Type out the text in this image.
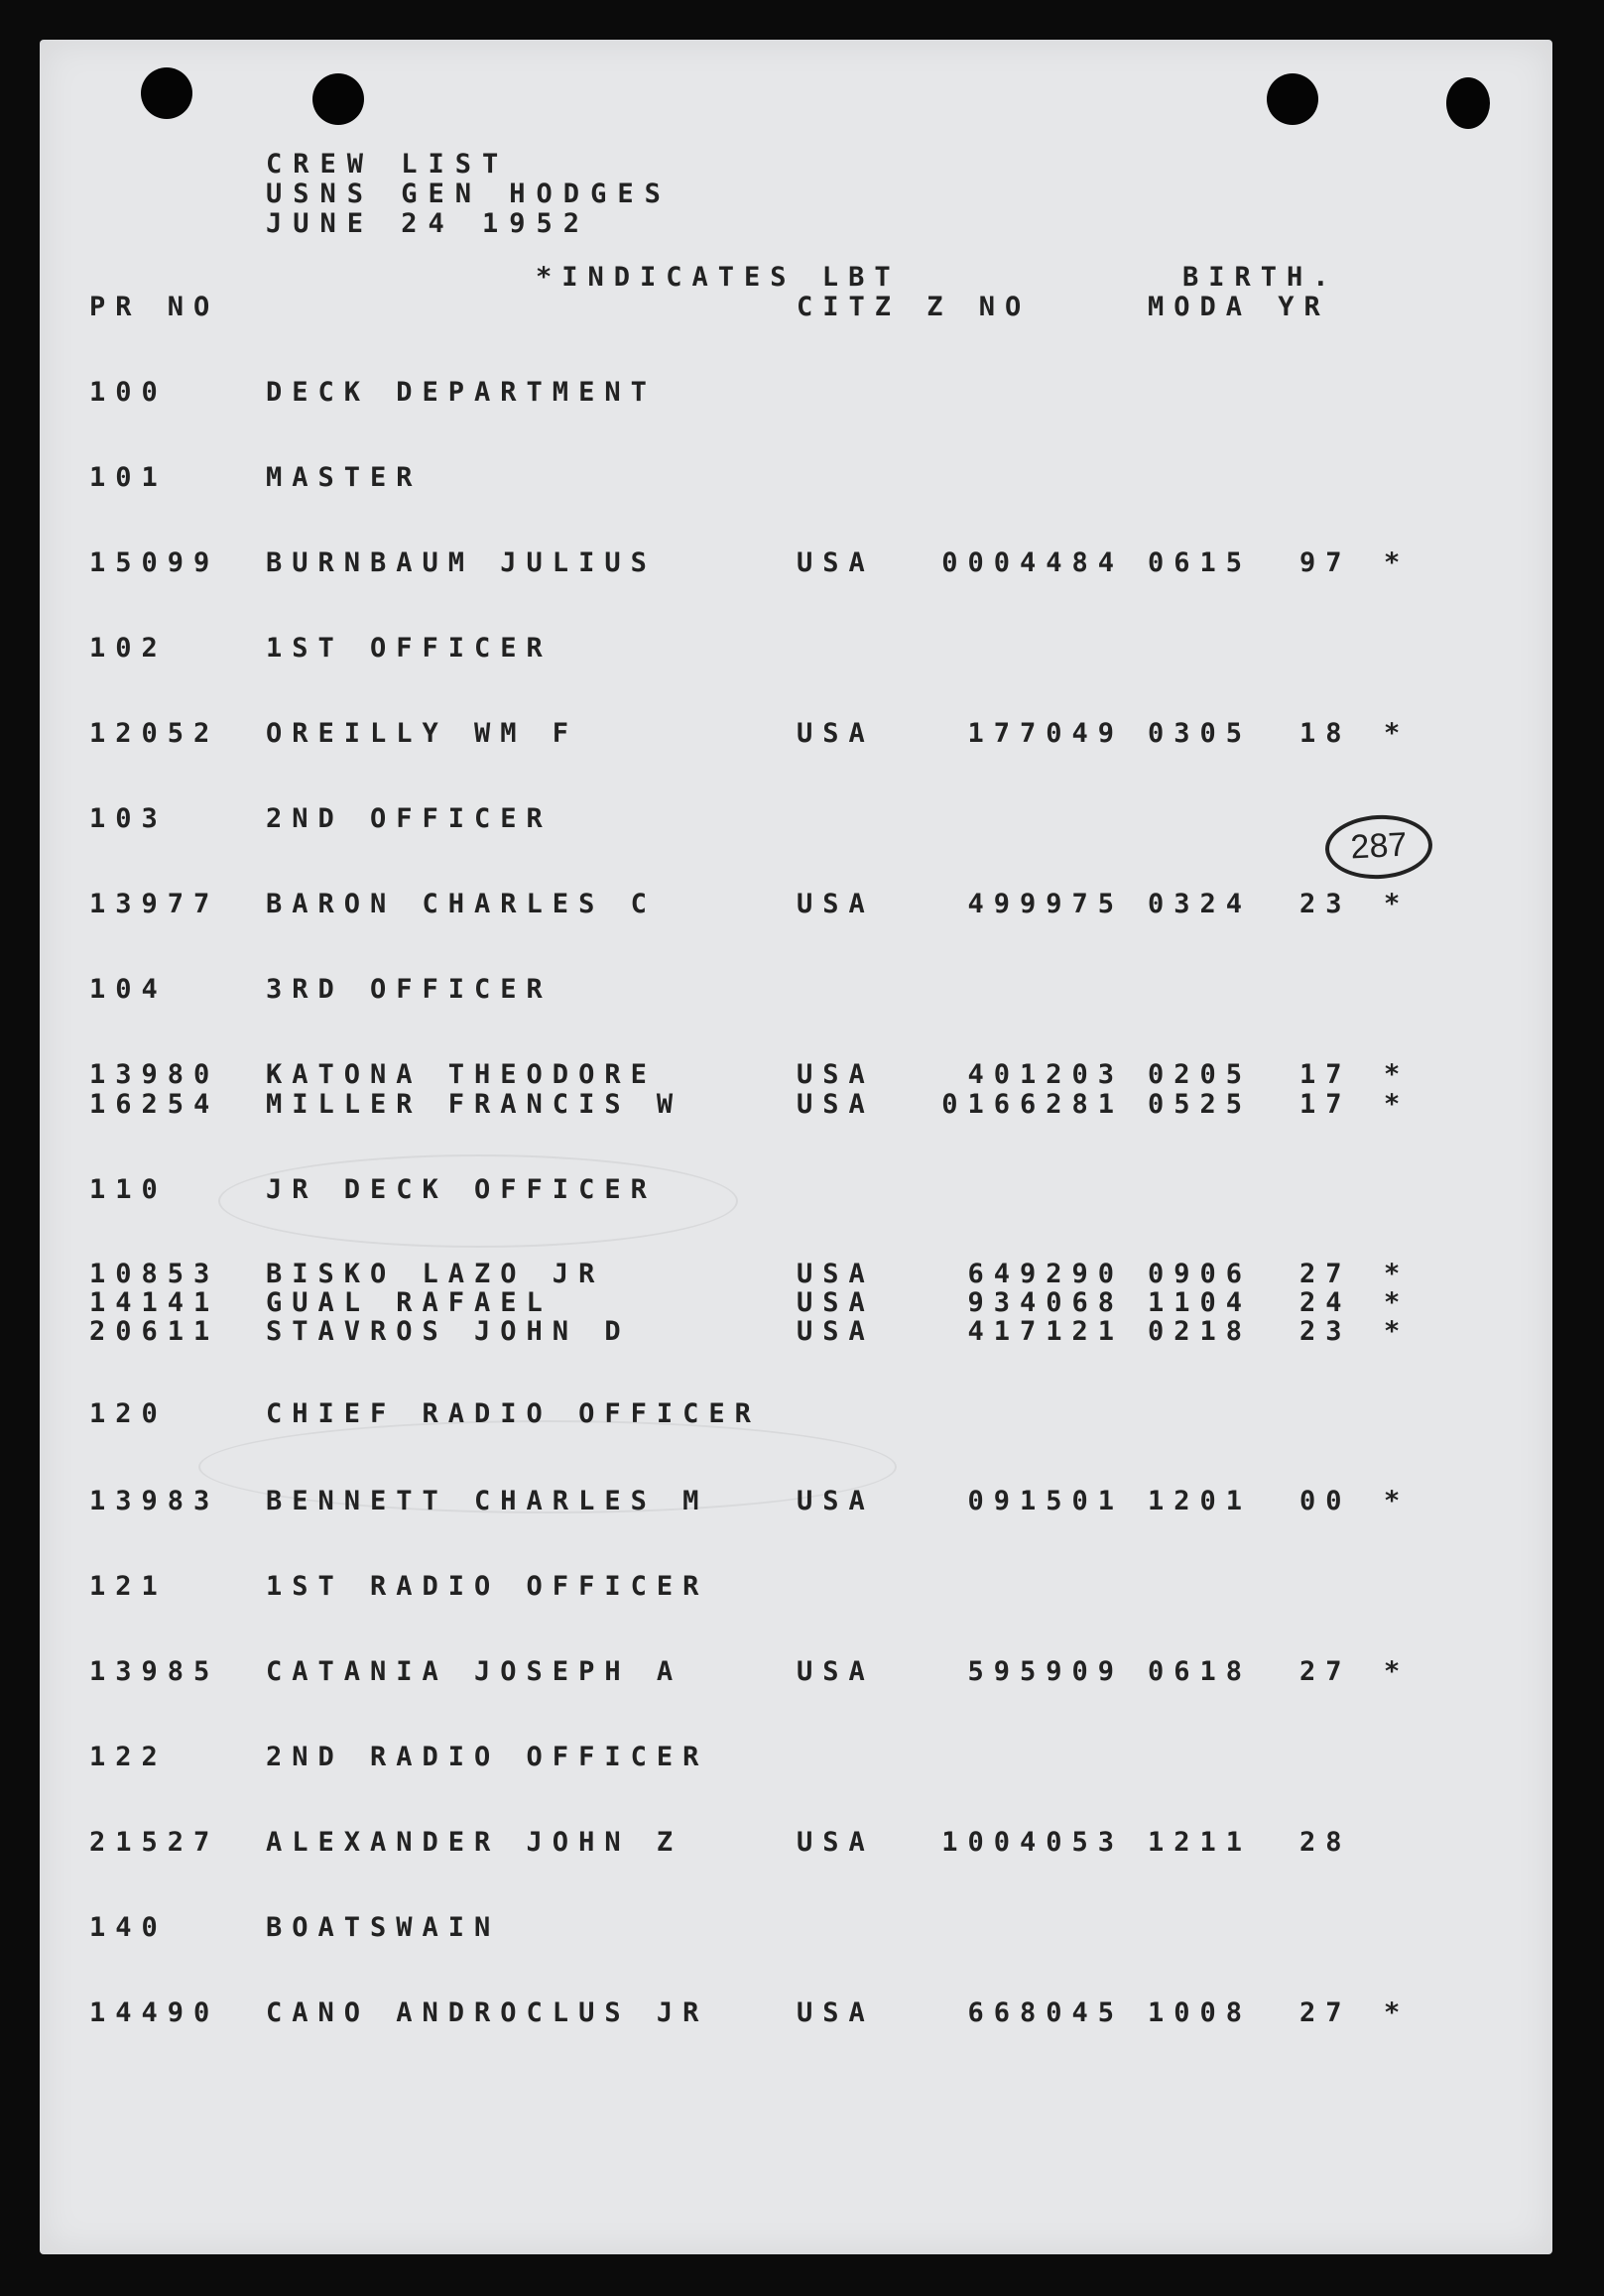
CREW LIST
USNS GEN HODGES
JUNE 24 1952
*INDICATES LBT	BIRTH.
PR NO	CITZ Z NO	MODA YR
287
100	DECK DEPARTMENT
101	MASTER
15099 BURNBAUM JULIUS	USA	0004484 0615 97 *
102	1ST OFFICER
12052 OREILLY WM F	USA	177049 0305 18 *
103	2ND OFFICER
13977 BARON CHARLES C	USA	499975 0324 23 *
104	3RD OFFICER
13980 KATONA THEODORE	USA	401203 0205 17 *
16254 MILLER FRANCIS W	USA	0166281 0525 17 *
110	JR DECK OFFICER
10853 BISKO LAZO JR	USA	649290 0906 27 *
14141 GUAL RAFAEL	USA	934068 1104 24 *
20611 STAVROS JOHN D	USA	417121 0218 23 *
120	CHIEF RADIO OFFICER
13983 BENNETT CHARLES M	USA	091501 1201 00 *
121	1ST RADIO OFFICER
13985 CATANIA JOSEPH A	USA	595909 0618 27 *
122	2ND RADIO OFFICER
21527 ALEXANDER JOHN Z	USA	1004053 1211 28
140	BOATSWAIN
14490 CANO ANDROCLUS JR	USA	668045 1008 27 *
